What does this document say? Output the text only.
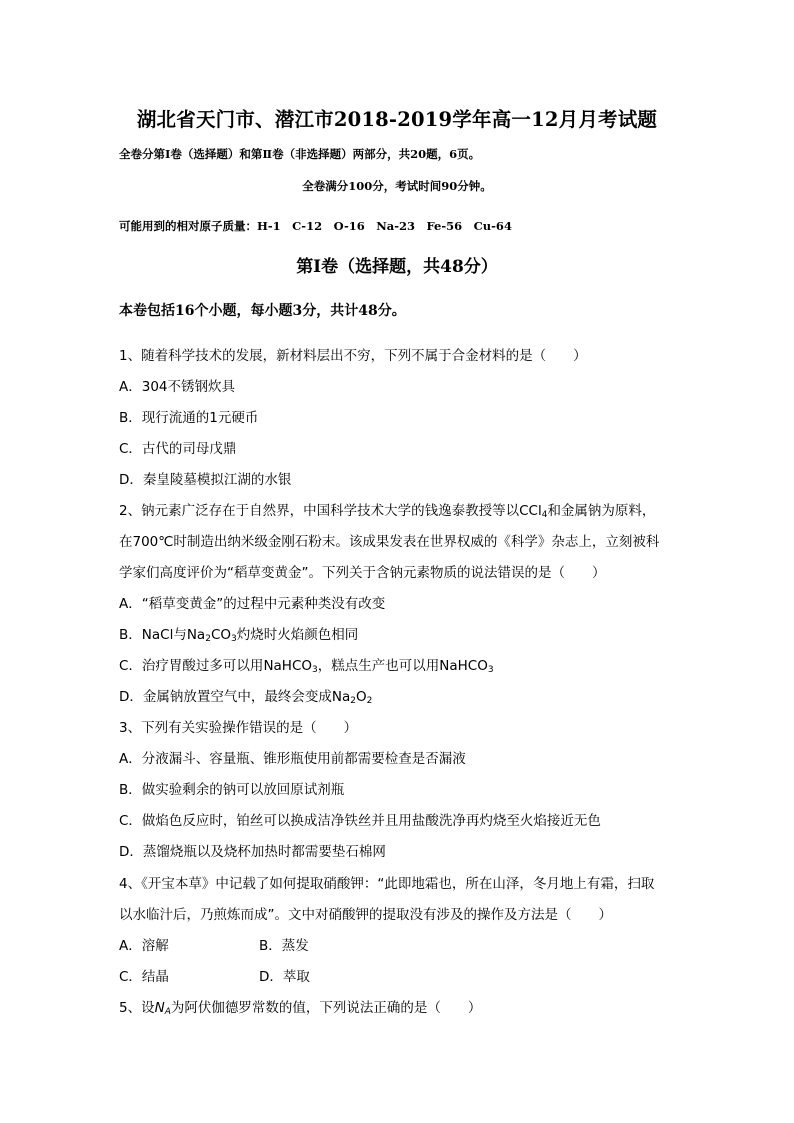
湖北省天门市、潜江市2018-2019学年高一12月月考试题
全卷分第Ⅰ卷（选择题）和第Ⅱ卷（非选择题）两部分，共20题，6页。
全卷满分100分，考试时间90分钟。
可能用到的相对原子质量：H-1　C-12　O-16　Na-23　Fe-56　Cu-64
第Ⅰ卷（选择题，共48分）
本卷包括16个小题，每小题3分，共计48分。
1、随着科学技术的发展，新材料层出不穷，下列不属于合金材料的是（　　）
A．304不锈钢炊具
B．现行流通的1元硬币
C．古代的司母戊鼎
D．秦皇陵墓模拟江湖的水银
2、钠元素广泛存在于自然界，中国科学技术大学的钱逸泰教授等以CCl$_4$和金属钠为原料，
在700℃时制造出纳米级金刚石粉末。该成果发表在世界权威的《科学》杂志上，立刻被科
学家们高度评价为“稻草变黄金”。下列关于含钠元素物质的说法错误的是（　　）
A．“稻草变黄金”的过程中元素种类没有改变
B．NaCl与$Na_2CO_3$灼烧时火焰颜色相同
C．治疗胃酸过多可以用NaHCO$_3$，糕点生产也可以用NaHCO$_3$
D．金属钠放置空气中，最终会变成$Na_2O_2$
3、下列有关实验操作错误的是（　　）
A．分液漏斗、容量瓶、锥形瓶使用前都需要检查是否漏液
B．做实验剩余的钠可以放回原试剂瓶
C．做焰色反应时，铂丝可以换成洁净铁丝并且用盐酸洗净再灼烧至火焰接近无色
D．蒸馏烧瓶以及烧杯加热时都需要垫石棉网
4、《开宝本草》中记载了如何提取硝酸钾：“此即地霜也，所在山泽，冬月地上有霜，扫取
以水临汁后，乃煎炼而成”。文中对硝酸钾的提取没有涉及的操作及方法是（　　）
A．溶解	B．蒸发
C．结晶	D．萃取
5、设$N_A$为阿伏伽德罗常数的值，下列说法正确的是（　　）
